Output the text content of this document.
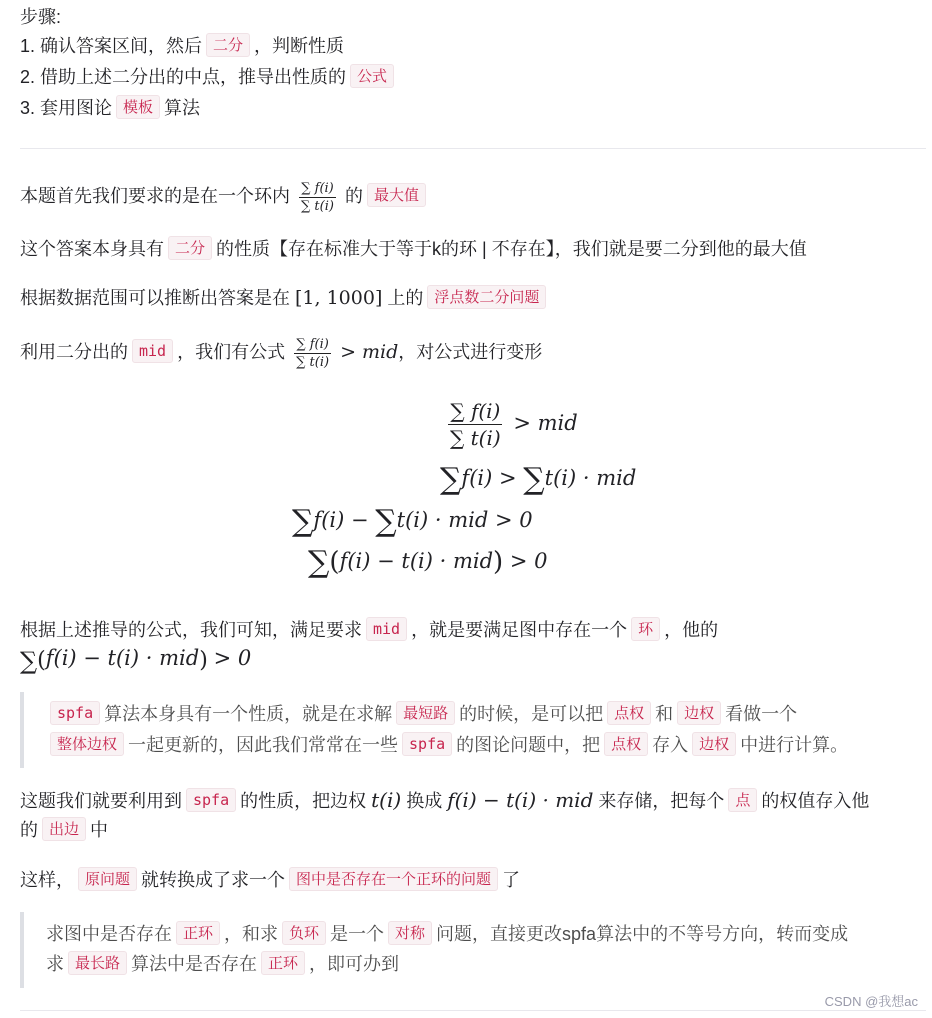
步骤:
1. 确认答案区间，然后 二分 ，判断性质
2. 借助上述二分出的中点，推导出性质的 公式
3. 套用图论 模板 算法
本题首先我们要求的是在一个环内 $\frac{\sum f(i)}{\sum t(i)}$ 的 最大值
这个答案本身具有 二分 的性质【存在标准大于等于k的环 | 不存在】，我们就是要二分到他的最大值
根据数据范围可以推断出答案是在 [1, 1000] 上的 浮点数二分问题
利用二分出的 mid ，我们有公式 $\frac{\sum f(i)}{\sum t(i)}$ > mid，对公式进行变形
$\frac{\sum f(i)}{\sum t(i)}$ > mid
∑f(i) > ∑t(i) · mid
∑f(i) − ∑t(i) · mid > 0
∑(f(i) − t(i) · mid) > 0
根据上述推导的公式，我们可知，满足要求 mid ，就是要满足图中存在一个 环 ，他的
∑(f(i) − t(i) · mid) > 0
spfa 算法本身具有一个性质，就是在求解 最短路 的时候，是可以把 点权 和 边权 看做一个
整体边权 一起更新的，因此我们常常在一些 spfa 的图论问题中，把 点权 存入 边权 中进行计算。
这题我们就要利用到 spfa 的性质，把边权 t(i) 换成 f(i) − t(i) · mid 来存储，把每个 点 的权值存入他
的 出边 中
这样， 原问题 就转换成了求一个 图中是否存在一个正环的问题 了
求图中是否存在 正环 ，和求 负环 是一个 对称 问题，直接更改spfa算法中的不等号方向，转而变成
求 最长路 算法中是否存在 正环 ，即可办到
CSDN @我想ac
